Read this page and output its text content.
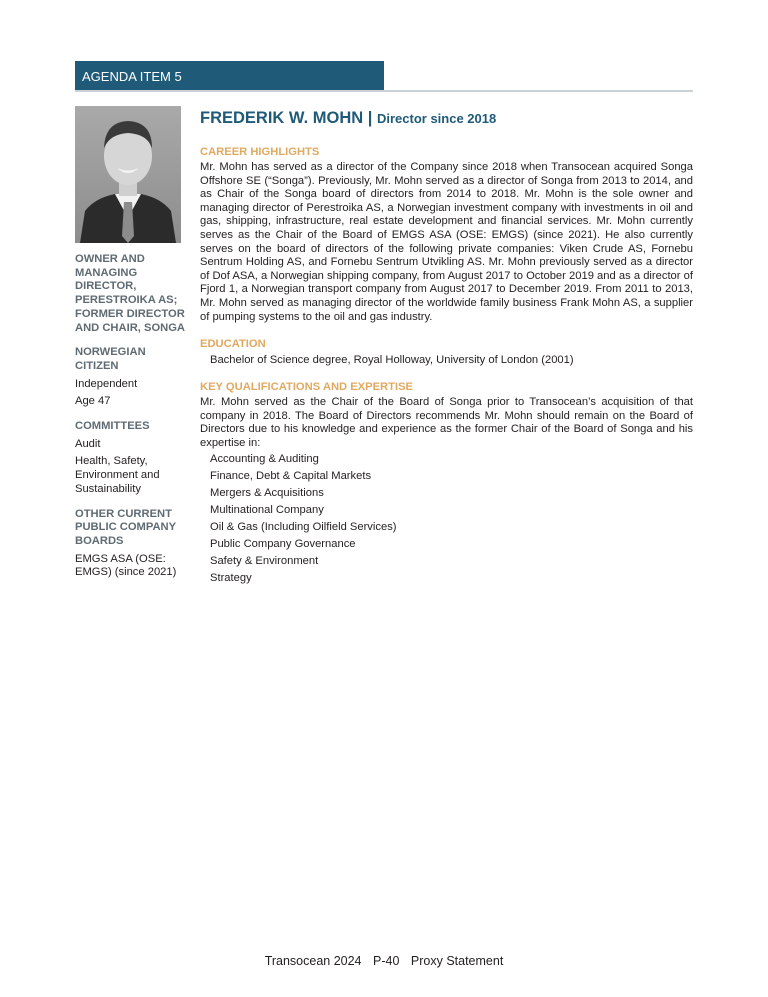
AGENDA ITEM 5

OWNER AND MANAGING DIRECTOR, PERESTROIKA AS; FORMER DIRECTOR AND CHAIR, SONGA

NORWEGIAN CITIZEN

Independent

Age 47

COMMITTEES

Audit

Health, Safety, Environment and Sustainability

OTHER CURRENT PUBLIC COMPANY BOARDS

EMGS ASA (OSE: EMGS) (since 2021)

FREDERIK W. MOHN | Director since 2018

CAREER HIGHLIGHTS

Mr. Mohn has served as a director of the Company since 2018 when Transocean acquired Songa Offshore SE (“Songa”). Previously, Mr. Mohn served as a director of Songa from 2013 to 2014, and as Chair of the Songa board of directors from 2014 to 2018. Mr. Mohn is the sole owner and managing director of Perestroika AS, a Norwegian investment company with investments in oil and gas, shipping, infrastructure, real estate development and financial services. Mr. Mohn currently serves as the Chair of the Board of EMGS ASA (OSE: EMGS) (since 2021). He also currently serves on the board of directors of the following private companies: Viken Crude AS, Fornebu Sentrum Holding AS, and Fornebu Sentrum Utvikling AS. Mr. Mohn previously served as a director of Dof ASA, a Norwegian shipping company, from August 2017 to October 2019 and as a director of Fjord 1, a Norwegian transport company from August 2017 to December 2019. From 2011 to 2013, Mr. Mohn served as managing director of the worldwide family business Frank Mohn AS, a supplier of pumping systems to the oil and gas industry.

EDUCATION

Bachelor of Science degree, Royal Holloway, University of London (2001)

KEY QUALIFICATIONS AND EXPERTISE

Mr. Mohn served as the Chair of the Board of Songa prior to Transocean’s acquisition of that company in 2018. The Board of Directors recommends Mr. Mohn should remain on the Board of Directors due to his knowledge and experience as the former Chair of the Board of Songa and his expertise in:

Accounting & Auditing
Finance, Debt & Capital Markets
Mergers & Acquisitions
Multinational Company
Oil & Gas (Including Oilfield Services)
Public Company Governance
Safety & Environment
Strategy
Transocean 2024 P-40 Proxy Statement
